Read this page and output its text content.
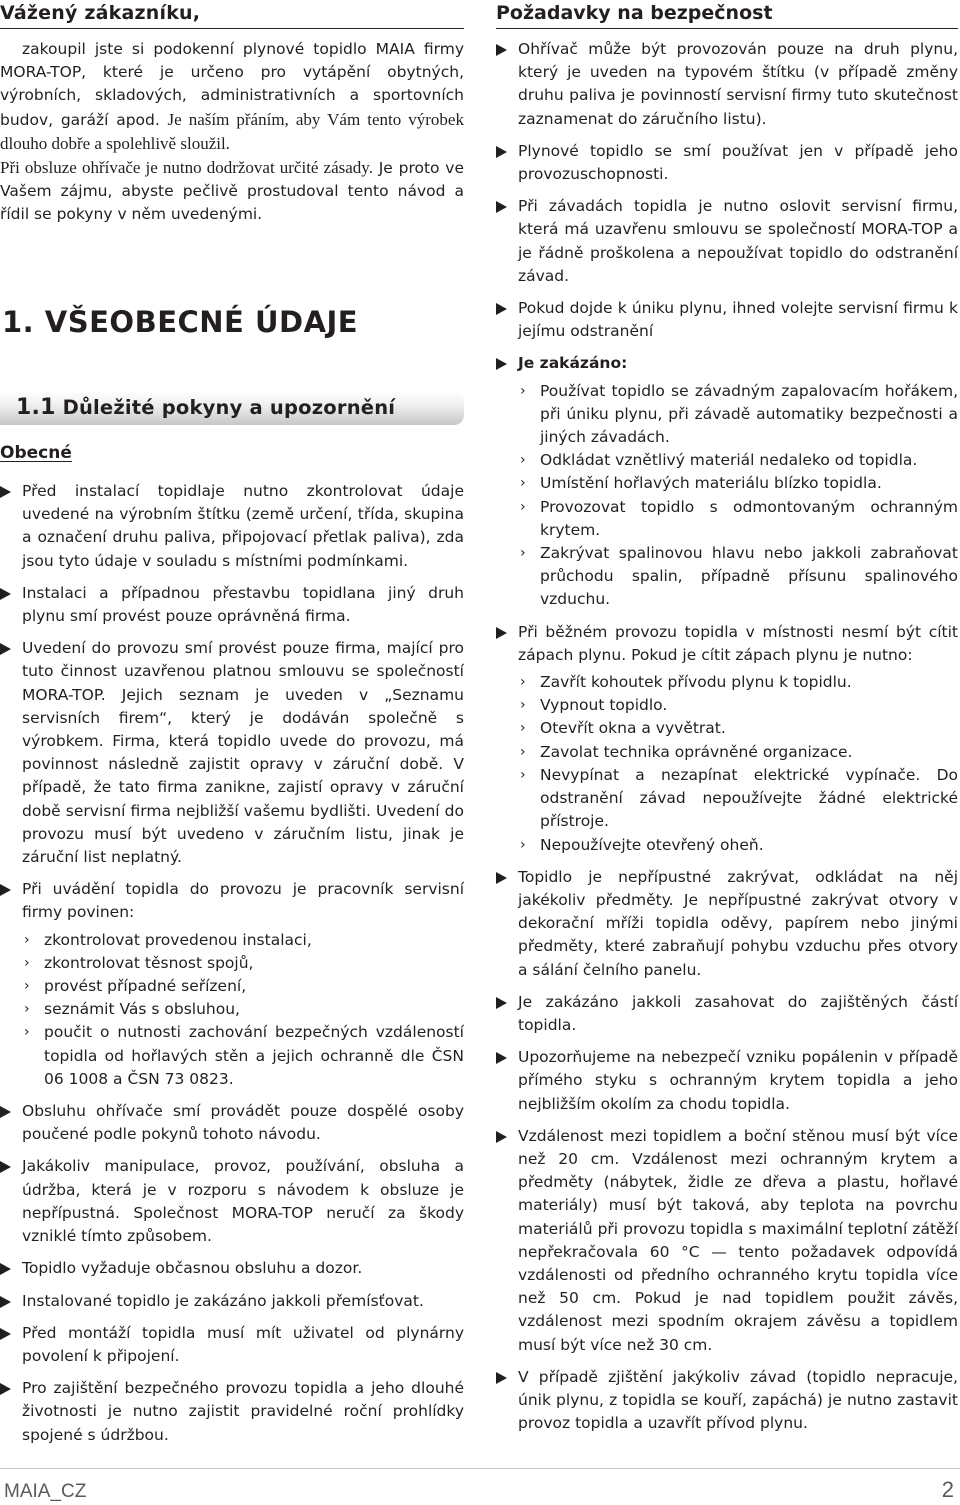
Vážený zákazníku,

zakoupil jste si podokenní plynové topidlo MAIA firmy MORA-TOP, které je určeno pro vytápění obytných, výrobních, skladových, administrativních a sportovních budov, garáží apod. Je naším přáním, aby Vám tento výrobek dlouho dobře a spolehlivě sloužil.

Při obsluze ohřívače je nutno dodržovat určité zásady. Je proto ve Vašem zájmu, abyste pečlivě prostudoval tento návod a řídil se pokyny v něm uvedenými.

1. VŠEOBECNÉ ÚDAJE
1.1 Důležité pokyny a upozornění
Obecné
Před instalací topidlaje nutno zkontrolovat údaje uvedené na výrobním štítku (země určení, třída, skupina a označení druhu paliva, připojovací přetlak paliva), zda jsou tyto údaje v souladu s místními podmínkami.
Instalaci a případnou přestavbu topidlana jiný druh plynu smí provést pouze oprávněná firma.
Uvedení do provozu smí provést pouze firma, mající pro tuto činnost uzavřenou platnou smlouvu se společností MORA-TOP. Jejich seznam je uveden v „Seznamu servisních firem“, který je dodáván společně s výrobkem. Firma, která topidlo uvede do provozu, má povinnost následně zajistit opravy v záruční době. V případě, že tato firma zanikne, zajistí opravy v záruční době servisní firma nejbližší vašemu bydlišti. Uvedení do provozu musí být uvedeno v záručním listu, jinak je záruční list neplatný.
Při uvádění topidla do provozu je pracovník servisní firmy povinen:
› zkontrolovat provedenou instalaci,
› zkontrolovat těsnost spojů,
› provést případné seřízení,
› seznámit Vás s obsluhou,
› poučit o nutnosti zachování bezpečných vzdáleností topidla od hořlavých stěn a jejich ochranně dle ČSN 06 1008 a ČSN 73 0823.
Obsluhu ohřívače smí provádět pouze dospělé osoby poučené podle pokynů tohoto návodu.
Jakákoliv manipulace, provoz, používání, obsluha a údržba, která je v rozporu s návodem k obsluze je nepřípustná. Společnost MORA-TOP neručí za škody vzniklé tímto způsobem.
Topidlo vyžaduje občasnou obsluhu a dozor.
Instalované topidlo je zakázáno jakkoli přemísťovat.
Před montáží topidla musí mít uživatel od plynárny povolení k připojení.
Pro zajištění bezpečného provozu topidla a jeho dlouhé životnosti je nutno zajistit pravidelné roční prohlídky spojené s údržbou.
Požadavky na bezpečnost
Ohřívač může být provozován pouze na druh plynu, který je uveden na typovém štítku (v případě změny druhu paliva je povinností servisní firmy tuto skutečnost zaznamenat do záručního listu).
Plynové topidlo se smí používat jen v případě jeho provozuschopnosti.
Při závadách topidla je nutno oslovit servisní firmu, která má uzavřenu smlouvu se společností MORA-TOP a je řádně proškolena a nepoužívat topidlo do odstranění závad.
Pokud dojde k úniku plynu, ihned volejte servisní firmu k jejímu odstranění
Je zakázáno:
› Používat topidlo se závadným zapalovacím hořákem, při úniku plynu, při závadě automatiky bezpečnosti a jiných závadách.
› Odkládat vznětlivý materiál nedaleko od topidla.
› Umístění hořlavých materiálu blízko topidla.
› Provozovat topidlo s odmontovaným ochranným krytem.
› Zakrývat spalinovou hlavu nebo jakkoli zabraňovat průchodu spalin, případně přísunu spalinového vzduchu.
Při běžném provozu topidla v místnosti nesmí být cítit zápach plynu. Pokud je cítit zápach plynu je nutno:
› Zavřít kohoutek přívodu plynu k topidlu.
› Vypnout topidlo.
› Otevřít okna a vyvětrat.
› Zavolat technika oprávněné organizace.
› Nevypínat a nezapínat elektrické vypínače. Do odstranění závad nepoužívejte žádné elektrické přístroje.
› Nepoužívejte otevřený oheň.
Topidlo je nepřípustné zakrývat, odkládat na něj jakékoliv předměty. Je nepřípustné zakrývat otvory v dekorační mříži topidla oděvy, papírem nebo jinými předměty, které zabraňují pohybu vzduchu přes otvory a sálání čelního panelu.
Je zakázáno jakkoli zasahovat do zajištěných částí topidla.
Upozorňujeme na nebezpečí vzniku popálenin v případě přímého styku s ochranným krytem topidla a jeho nejbližším okolím za chodu topidla.
Vzdálenost mezi topidlem a boční stěnou musí být více než 20 cm. Vzdálenost mezi ochranným krytem a předměty (nábytek, židle ze dřeva a plastu, hořlavé materiály) musí být taková, aby teplota na povrchu materiálů při provozu topidla s maximální teplotní zátěží nepřekračovala 60 °C — tento požadavek odpovídá vzdálenosti od předního ochranného krytu topidla více než 50 cm. Pokud je nad topidlem použit závěs, vzdálenost mezi spodním okrajem závěsu a topidlem musí být více než 30 cm.
V případě zjištění jakýkoliv závad (topidlo nepracuje, únik plynu, z topidla se kouří, zapáchá) je nutno zastavit provoz topidla a uzavřít přívod plynu.
MAIA_CZ	2
